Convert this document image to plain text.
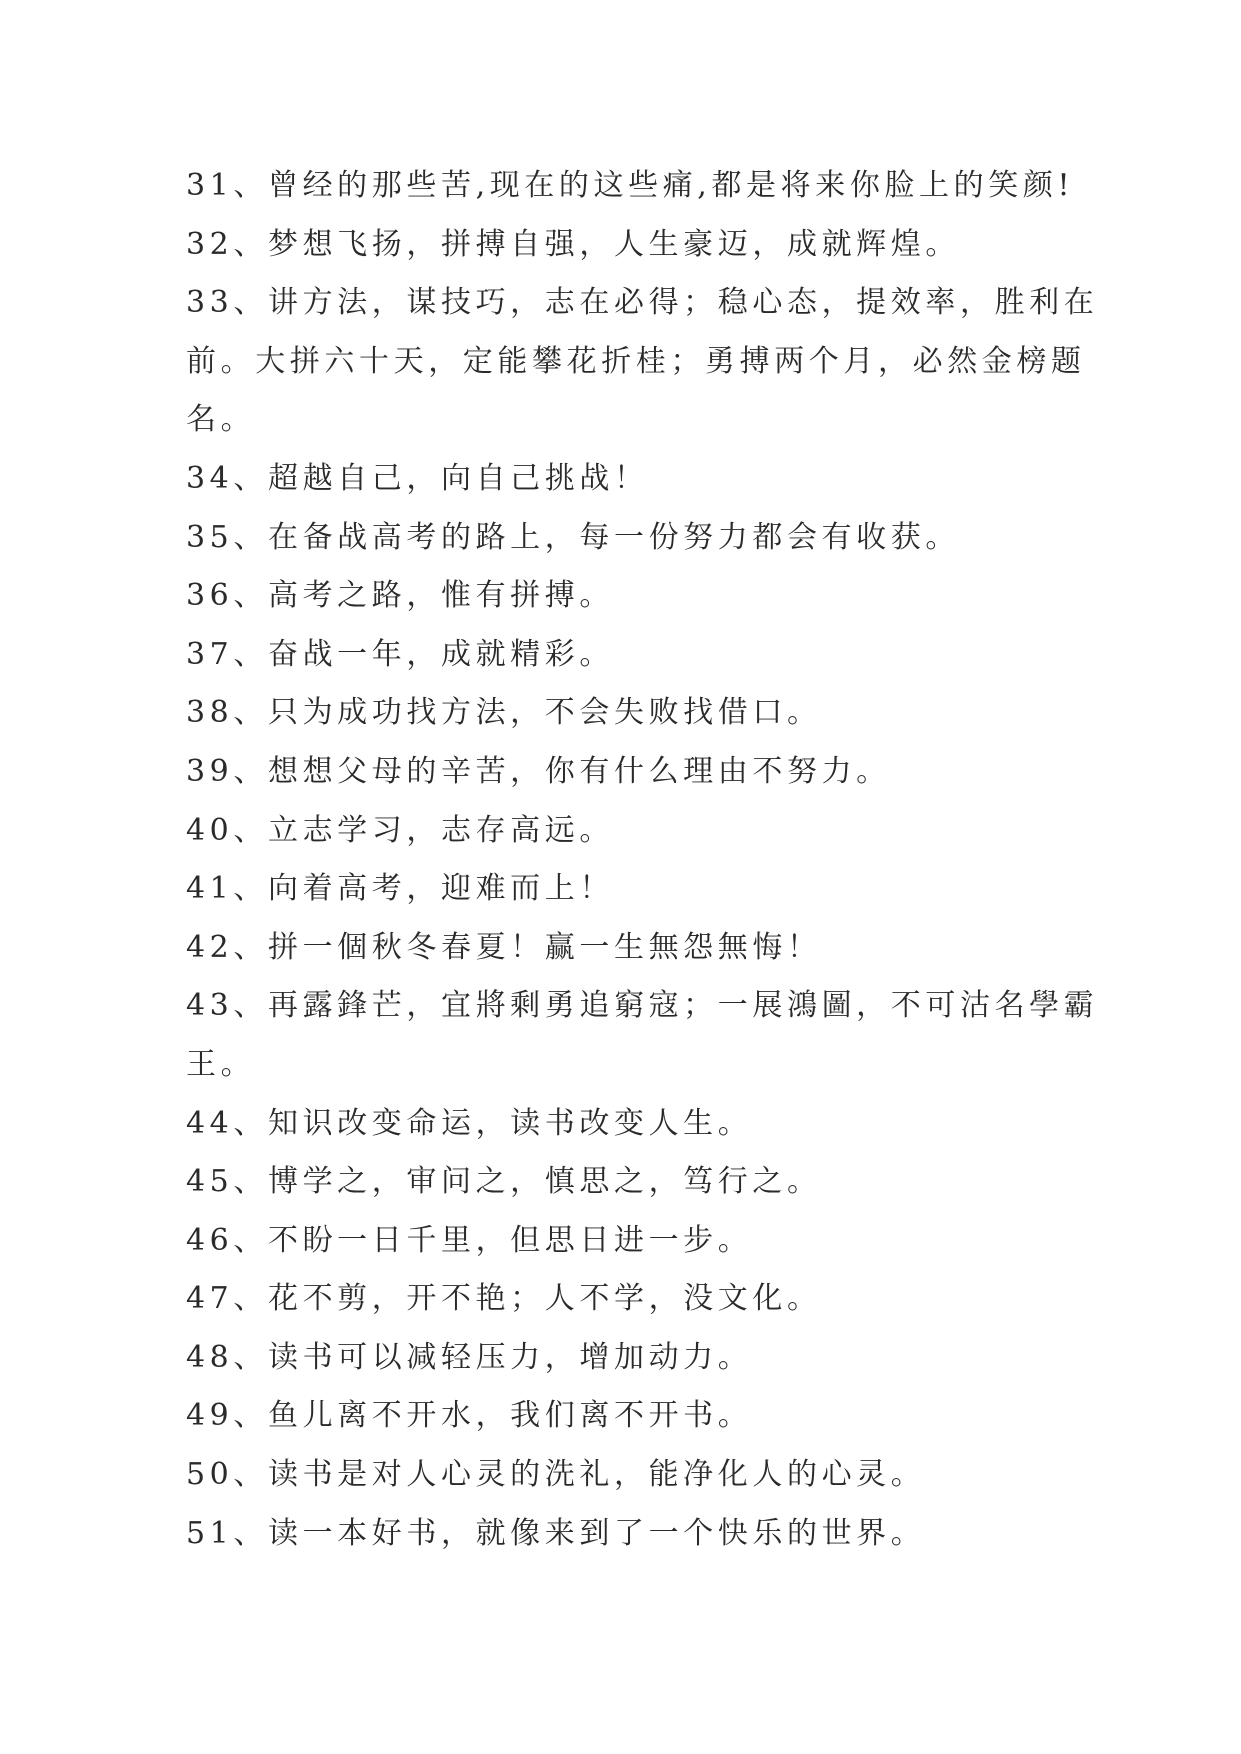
31、曾经的那些苦,现在的这些痛,都是将来你脸上的笑颜!
32、梦想飞扬，拼搏自强，人生豪迈，成就辉煌。
33、讲方法，谋技巧，志在必得；稳心态，提效率，胜利在
前。大拼六十天，定能攀花折桂；勇搏两个月，必然金榜题
名。
34、超越自己，向自己挑战！
35、在备战高考的路上，每一份努力都会有收获。
36、高考之路，惟有拼搏。
37、奋战一年，成就精彩。
38、只为成功找方法，不会失败找借口。
39、想想父母的辛苦，你有什么理由不努力。
40、立志学习，志存高远。
41、向着高考，迎难而上！
42、拼一個秋冬春夏！赢一生無怨無悔！
43、再露鋒芒，宜將剩勇追窮寇；一展鴻圖，不可沽名學霸
王。
44、知识改变命运，读书改变人生。
45、博学之，审问之，慎思之，笃行之。
46、不盼一日千里，但思日进一步。
47、花不剪，开不艳；人不学，没文化。
48、读书可以减轻压力，增加动力。
49、鱼儿离不开水，我们离不开书。
50、读书是对人心灵的洗礼，能净化人的心灵。
51、读一本好书，就像来到了一个快乐的世界。
